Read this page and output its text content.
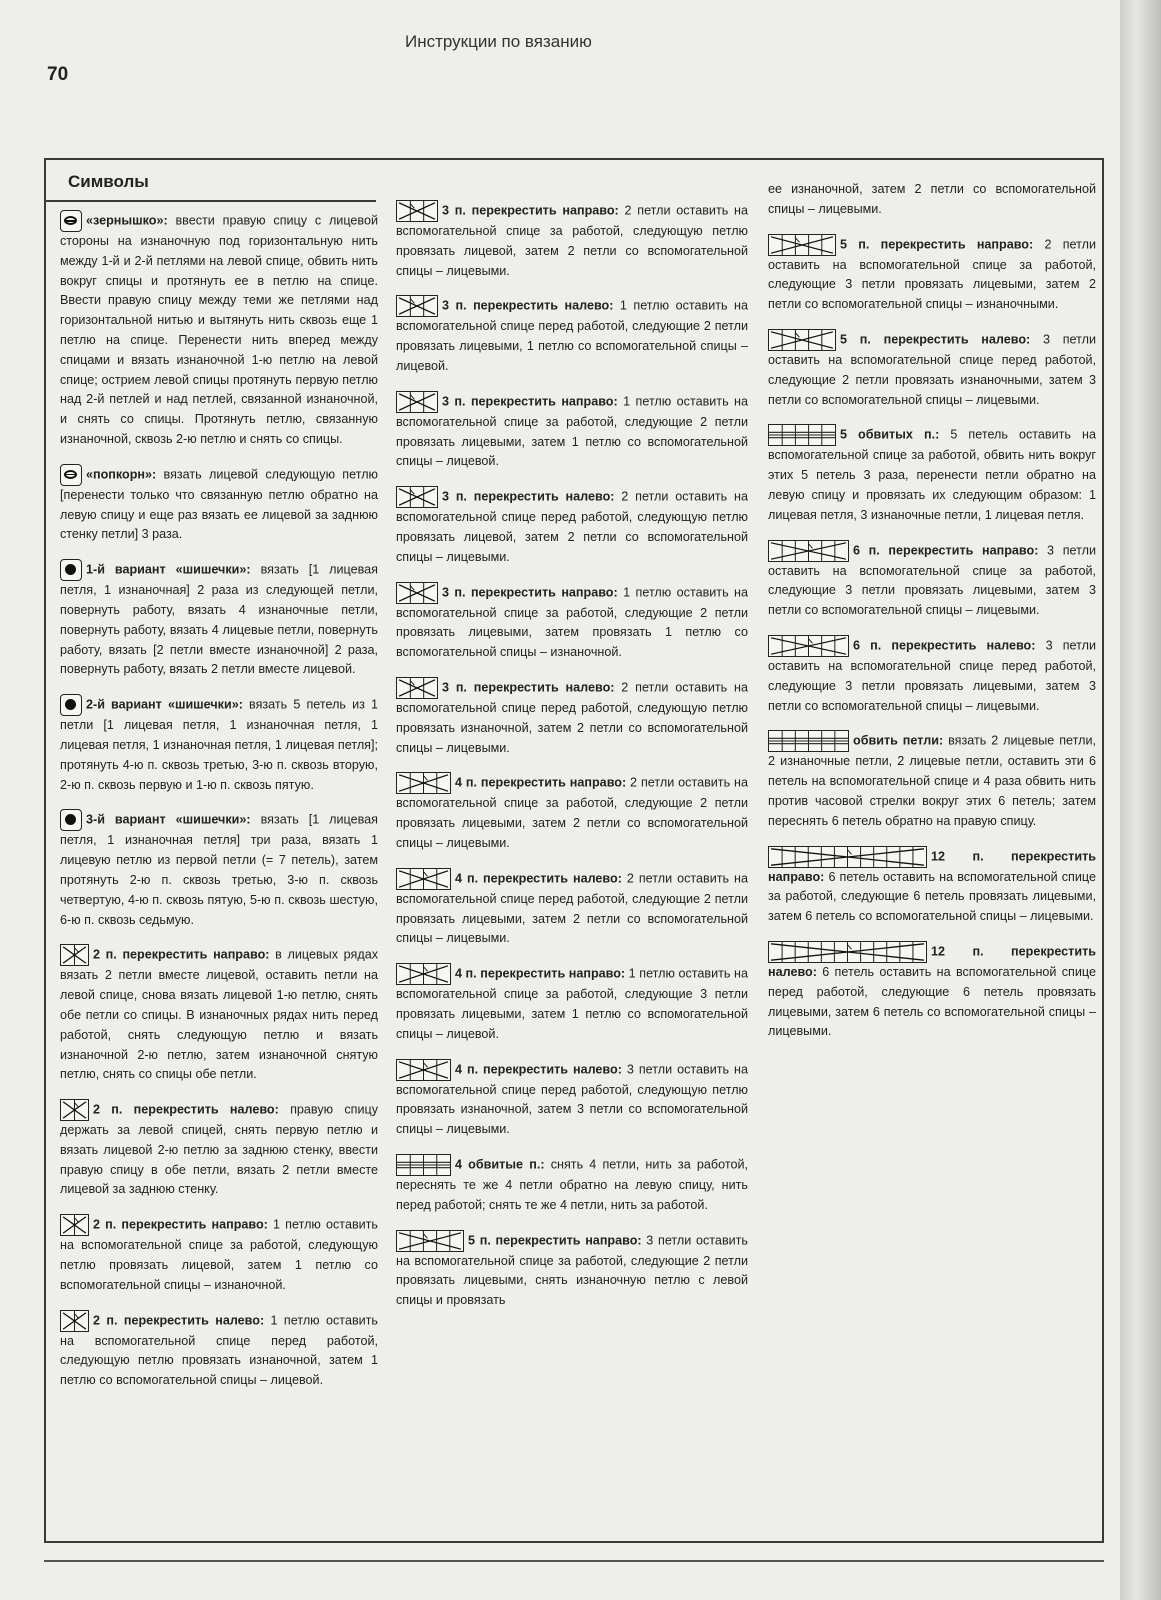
Инструкции по вязанию
70
Символы
«зернышко»: ввести правую спицу с лицевой стороны на изнаночную под горизонтальную нить между 1-й и 2-й петлями на левой спице, обвить нить вокруг спицы и протянуть ее в петлю на спице. Ввести правую спицу между теми же петлями над горизонтальной нитью и вытянуть нить сквозь еще 1 петлю на спице. Перенести нить вперед между спицами и вязать изнаночной 1-ю петлю на левой спице; острием левой спицы протянуть первую петлю над 2-й петлей и над петлей, связанной изнаночной, и снять со спицы. Протянуть петлю, связанную изнаночной, сквозь 2-ю петлю и снять со спицы.
«попкорн»: вязать лицевой следующую петлю [перенести только что связанную петлю обратно на левую спицу и еще раз вязать ее лицевой за заднюю стенку петли] 3 раза.
1-й вариант «шишечки»: вязать [1 лицевая петля, 1 изнаночная] 2 раза из следующей петли, повернуть работу, вязать 4 изнаночные петли, повернуть работу, вязать 4 лицевые петли, повернуть работу, вязать [2 петли вместе изнаночной] 2 раза, повернуть работу, вязать 2 петли вместе лицевой.
2-й вариант «шишечки»: вязать 5 петель из 1 петли [1 лицевая петля, 1 изнаночная петля, 1 лицевая петля, 1 изнаночная петля, 1 лицевая петля]; протянуть 4-ю п. сквозь третью, 3-ю п. сквозь вторую, 2-ю п. сквозь первую и 1-ю п. сквозь пятую.
3-й вариант «шишечки»: вязать [1 лицевая петля, 1 изнаночная петля] три раза, вязать 1 лицевую петлю из первой петли (= 7 петель), затем протянуть 2-ю п. сквозь третью, 3-ю п. сквозь четвертую, 4-ю п. сквозь пятую, 5-ю п. сквозь шестую, 6-ю п. сквозь седьмую.
2 п. перекрестить направо: в лицевых рядах вязать 2 петли вместе лицевой, оставить петли на левой спице, снова вязать лицевой 1-ю петлю, снять обе петли со спицы. В изнаночных рядах нить перед работой, снять следующую петлю и вязать изнаночной 2-ю петлю, затем изнаночной снятую петлю, снять со спицы обе петли.
2 п. перекрестить налево: правую спицу держать за левой спицей, снять первую петлю и вязать лицевой 2-ю петлю за заднюю стенку, ввести правую спицу в обе петли, вязать 2 петли вместе лицевой за заднюю стенку.
2 п. перекрестить направо: 1 петлю оставить на вспомогательной спице за работой, следующую петлю провязать лицевой, затем 1 петлю со вспомогательной спицы – изнаночной.
2 п. перекрестить налево: 1 петлю оставить на вспомогательной спице перед работой, следующую петлю провязать изнаночной, затем 1 петлю со вспомогательной спицы – лицевой.
3 п. перекрестить направо: 2 петли оставить на вспомогательной спице за работой, следующую петлю провязать лицевой, затем 2 петли со вспомогательной спицы – лицевыми.
3 п. перекрестить налево: 1 петлю оставить на вспомогательной спице перед работой, следующие 2 петли провязать лицевыми, 1 петлю со вспомогательной спицы – лицевой.
3 п. перекрестить направо: 1 петлю оставить на вспомогательной спице за работой, следующие 2 петли провязать лицевыми, затем 1 петлю со вспомогательной спицы – лицевой.
3 п. перекрестить налево: 2 петли оставить на вспомогательной спице перед работой, следующую петлю провязать лицевой, затем 2 петли со вспомогательной спицы – лицевыми.
3 п. перекрестить направо: 1 петлю оставить на вспомогательной спице за работой, следующие 2 петли провязать лицевыми, затем провязать 1 петлю со вспомогательной спицы – изнаночной.
3 п. перекрестить налево: 2 петли оставить на вспомогательной спице перед работой, следующую петлю провязать изнаночной, затем 2 петли со вспомогательной спицы – лицевыми.
4 п. перекрестить направо: 2 петли оставить на вспомогательной спице за работой, следующие 2 петли провязать лицевыми, затем 2 петли со вспомогательной спицы – лицевыми.
4 п. перекрестить налево: 2 петли оставить на вспомогательной спице перед работой, следующие 2 петли провязать лицевыми, затем 2 петли со вспомогательной спицы – лицевыми.
4 п. перекрестить направо: 1 петлю оставить на вспомогательной спице за работой, следующие 3 петли провязать лицевыми, затем 1 петлю со вспомогательной спицы – лицевой.
4 п. перекрестить налево: 3 петли оставить на вспомогательной спице перед работой, следующую петлю провязать изнаночной, затем 3 петли со вспомогательной спицы – лицевыми.
4 обвитые п.: снять 4 петли, нить за работой, переснять те же 4 петли обратно на левую спицу, нить перед работой; снять те же 4 петли, нить за работой.
5 п. перекрестить направо: 3 петли оставить на вспомогательной спице за работой, следующие 2 петли провязать лицевыми, снять изнаночную петлю с левой спицы и провязать
ее изнаночной, затем 2 петли со вспомогательной спицы – лицевыми.
5 п. перекрестить направо: 2 петли оставить на вспомогательной спице за работой, следующие 3 петли провязать лицевыми, затем 2 петли со вспомогательной спицы – изнаночными.
5 п. перекрестить налево: 3 петли оставить на вспомогательной спице перед работой, следующие 2 петли провязать изнаночными, затем 3 петли со вспомогательной спицы – лицевыми.
5 обвитых п.: 5 петель оставить на вспомогательной спице за работой, обвить нить вокруг этих 5 петель 3 раза, перенести петли обратно на левую спицу и провязать их следующим образом: 1 лицевая петля, 3 изнаночные петли, 1 лицевая петля.
6 п. перекрестить направо: 3 петли оставить на вспомогательной спице за работой, следующие 3 петли провязать лицевыми, затем 3 петли со вспомогательной спицы – лицевыми.
6 п. перекрестить налево: 3 петли оставить на вспомогательной спице перед работой, следующие 3 петли провязать лицевыми, затем 3 петли со вспомогательной спицы – лицевыми.
обвить петли: вязать 2 лицевые петли, 2 изнаночные петли, 2 лицевые петли, оставить эти 6 петель на вспомогательной спице и 4 раза обвить нить против часовой стрелки вокруг этих 6 петель; затем переснять 6 петель обратно на правую спицу.
12 п. перекрестить направо: 6 петель оставить на вспомогательной спице за работой, следующие 6 петель провязать лицевыми, затем 6 петель со вспомогательной спицы – лицевыми.
12 п. перекрестить налево: 6 петель оставить на вспомогательной спице перед работой, следующие 6 петель провязать лицевыми, затем 6 петель со вспомогательной спицы – лицевыми.
